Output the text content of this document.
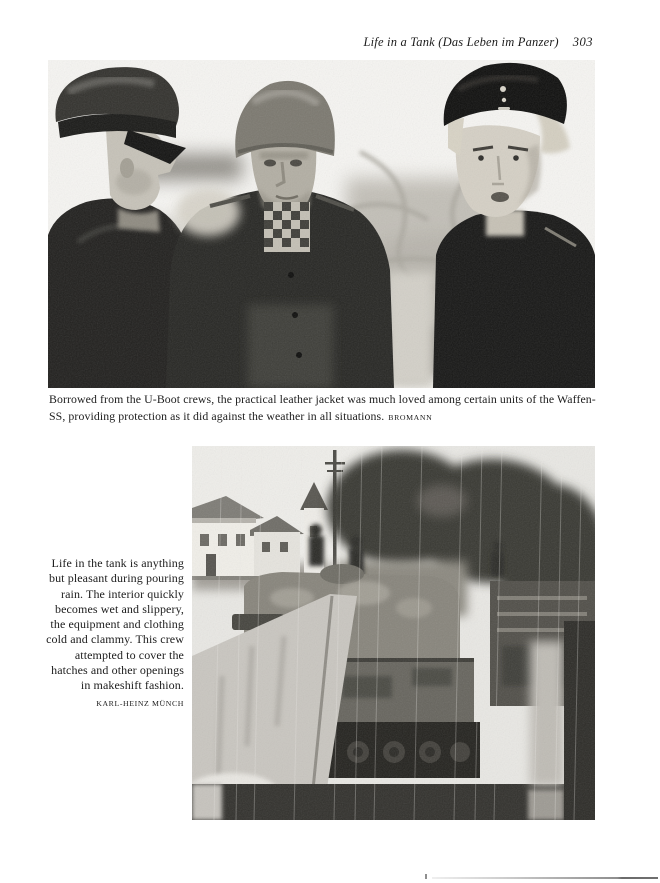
Life in a Tank (Das Leben im Panzer) 303
Borrowed from the U-Boot crews, the practical leather jacket was much loved among certain units of the Waffen-
SS, providing protection as it did against the weather in all situations. BROMANN
Life in the tank is anything
but pleasant during pouring
rain. The interior quickly
becomes wet and slippery,
the equipment and clothing
cold and clammy. This crew
attempted to cover the
hatches and other openings
in makeshift fashion.
KARL-HEINZ MÜNCH
